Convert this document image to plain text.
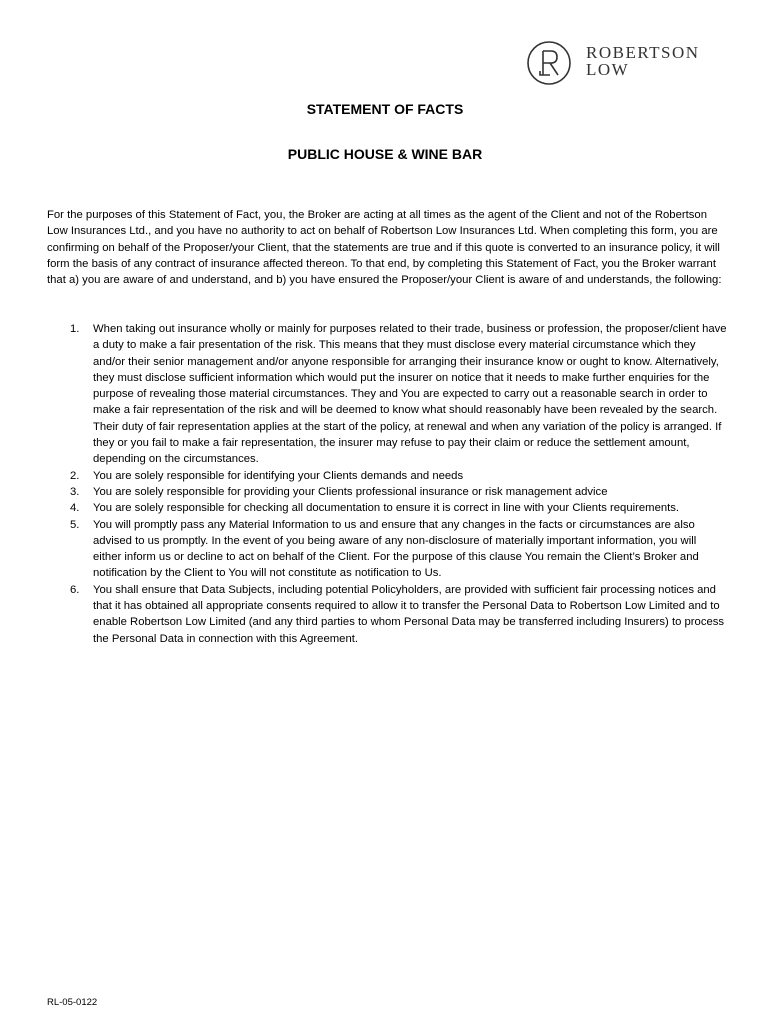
ROBERTSON
LOW
STATEMENT OF FACTS
PUBLIC HOUSE & WINE BAR

For the purposes of this Statement of Fact, you, the Broker are acting at all times as the agent of the Client and not of the Robertson Low Insurances Ltd., and you have no authority to act on behalf of Robertson Low Insurances Ltd. When completing this form, you are confirming on behalf of the Proposer/your Client, that the statements are true and if this quote is converted to an insurance policy, it will form the basis of any contract of insurance affected thereon. To that end, by completing this Statement of Fact, you the Broker warrant that a) you are aware of and understand, and b) you have ensured the Proposer/your Client is aware of and understands, the following:

1. When taking out insurance wholly or mainly for purposes related to their trade, business or profession, the proposer/client have a duty to make a fair presentation of the risk. This means that they must disclose every material circumstance which they and/or their senior management and/or anyone responsible for arranging their insurance know or ought to know. Alternatively, they must disclose sufficient information which would put the insurer on notice that it needs to make further enquiries for the purpose of revealing those material circumstances. They and You are expected to carry out a reasonable search in order to make a fair representation of the risk and will be deemed to know what should reasonably have been revealed by the search. Their duty of fair representation applies at the start of the policy, at renewal and when any variation of the policy is arranged. If they or you fail to make a fair representation, the insurer may refuse to pay their claim or reduce the settlement amount, depending on the circumstances.
2. You are solely responsible for identifying your Clients demands and needs
3. You are solely responsible for providing your Clients professional insurance or risk management advice
4. You are solely responsible for checking all documentation to ensure it is correct in line with your Clients requirements.
5. You will promptly pass any Material Information to us and ensure that any changes in the facts or circumstances are also advised to us promptly. In the event of you being aware of any non-disclosure of materially important information, you will either inform us or decline to act on behalf of the Client. For the purpose of this clause You remain the Client’s Broker and notification by the Client to You will not constitute as notification to Us.
6. You shall ensure that Data Subjects, including potential Policyholders, are provided with sufficient fair processing notices and that it has obtained all appropriate consents required to allow it to transfer the Personal Data to Robertson Low Limited and to enable Robertson Low Limited (and any third parties to whom Personal Data may be transferred including Insurers) to process the Personal Data in connection with this Agreement.

RL-05-0122
